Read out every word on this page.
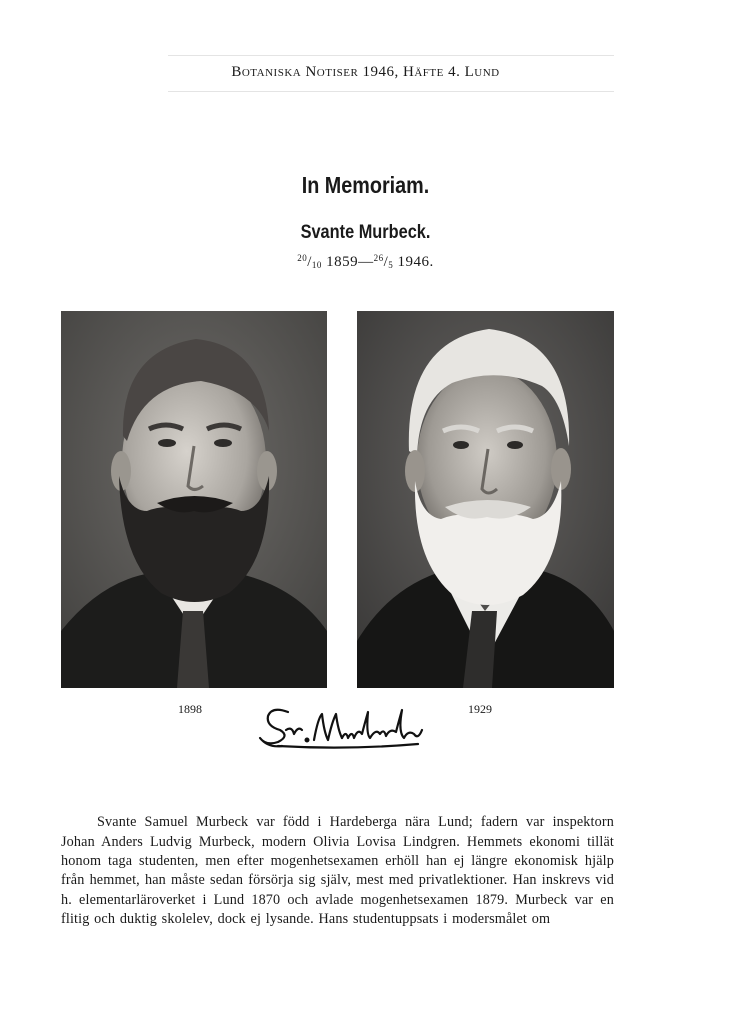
Botaniska Notiser 1946, Häfte 4. Lund
In Memoriam.
Svante Murbeck.
$^{20}/_{10}$ $1859—^{26}/_5$ 1946.
1898	1929

Svante Samuel Murbeck var född i Hardeberga nära Lund; fadern var inspektorn Johan Anders Ludvig Murbeck, modern Olivia Lovisa Lindgren. Hemmets ekonomi tillät honom taga studenten, men efter mogenhetsexamen erhöll han ej längre ekonomisk hjälp från hemmet, han måste sedan försörja sig själv, mest med privatlektioner. Han inskrevs vid h. elementarläroverket i Lund 1870 och avlade mogenhetsexamen 1879. Murbeck var en flitig och duktig skolelev, dock ej lysande. Hans studentuppsats i modersmålet om
